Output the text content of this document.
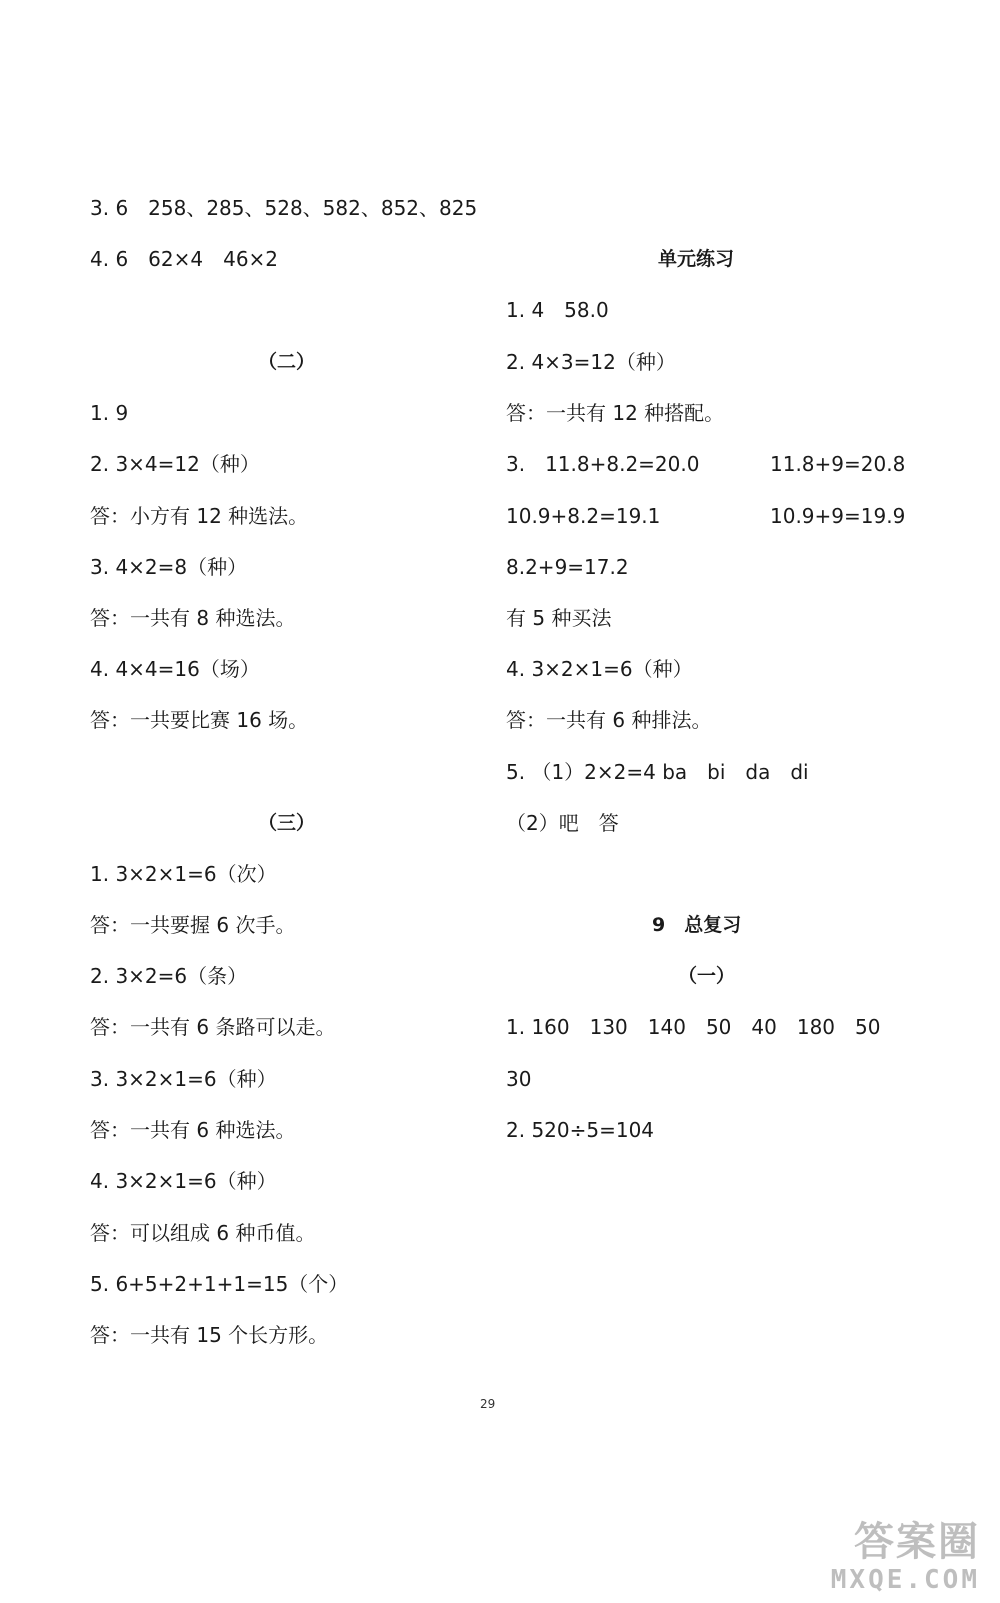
3. 6　258、285、528、582、852、825
4. 6　62×4　46×2
（二）
1. 9
2. 3×4=12（种）
答：小方有 12 种选法。
3. 4×2=8（种）
答：一共有 8 种选法。
4. 4×4=16（场）
答：一共要比赛 16 场。
（三）
1. 3×2×1=6（次）
答：一共要握 6 次手。
2. 3×2=6（条）
答：一共有 6 条路可以走。
3. 3×2×1=6（种）
答：一共有 6 种选法。
4. 3×2×1=6（种）
答：可以组成 6 种币值。
5. 6+5+2+1+1=15（个）
答：一共有 15 个长方形。
单元练习
1. 4　58.0
2. 4×3=12（种）
答：一共有 12 种搭配。
3.　11.8+8.2=20.0	11.8+9=20.8
10.9+8.2=19.1	10.9+9=19.9
8.2+9=17.2
有 5 种买法
4. 3×2×1=6（种）
答：一共有 6 种排法。
5. （1）2×2=4 ba　bi　da　di
（2）吧　答
9　总复习
（一）
1. 160　130　140　50　40　180　50
30
2. 520÷5=104
29
答案圈
MXQE.COM
